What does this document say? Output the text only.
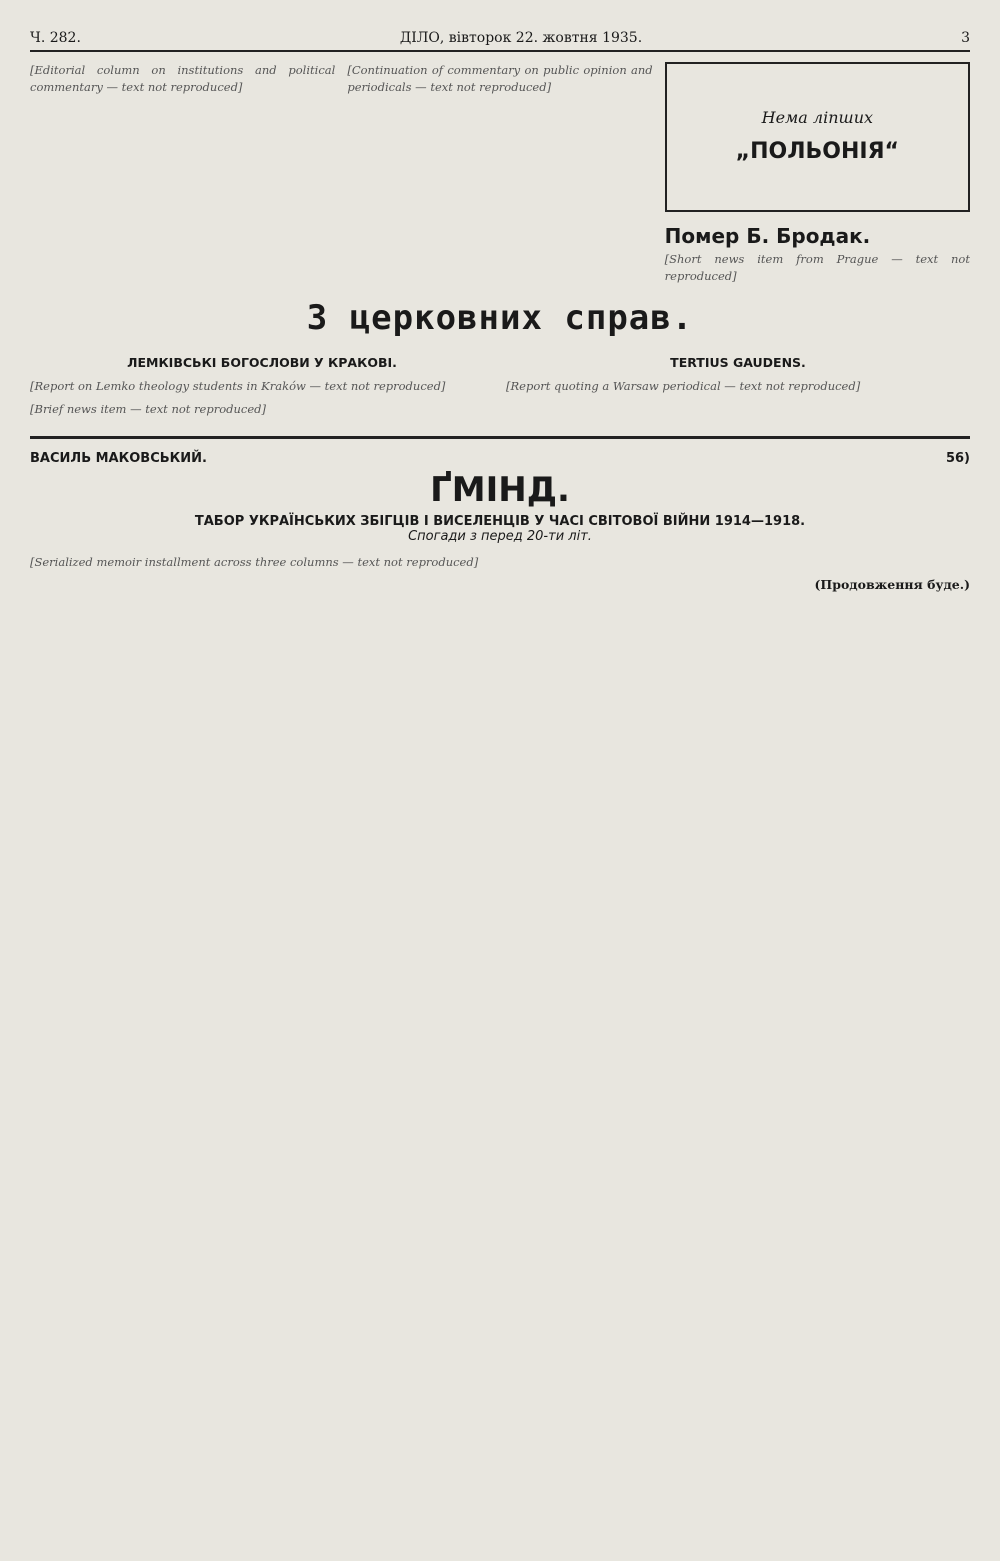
Ч. 282.	ДІЛО, вівторок 22. жовтня 1935.	3

[Editorial column on institutions and political commentary — text not reproduced]

[Continuation of commentary on public opinion and periodicals — text not reproduced]

Нема ліпших
„ПОЛЬОНІЯ“
Помер Б. Бродак.

[Short news item from Prague — text not reproduced]

З церковних справ.
ЛЕМКІВСЬКІ БОГОСЛОВИ У КРАКОВІ.

[Report on Lemko theology students in Kraków — text not reproduced]

[Brief news item — text not reproduced]

TERTIUS GAUDENS.

[Report quoting a Warsaw periodical — text not reproduced]

ВАСИЛЬ МАКОВСЬКИЙ.	56)
ҐМІНД.
ТАБОР УКРАЇНСЬКИХ ЗБІГЦІВ І ВИСЕЛЕНЦІВ У ЧАСІ СВІТОВОЇ ВІЙНИ 1914—1918.
Спогади з перед 20-ти літ.

[Serialized memoir installment across three columns — text not reproduced]

(Продовження буде.)
